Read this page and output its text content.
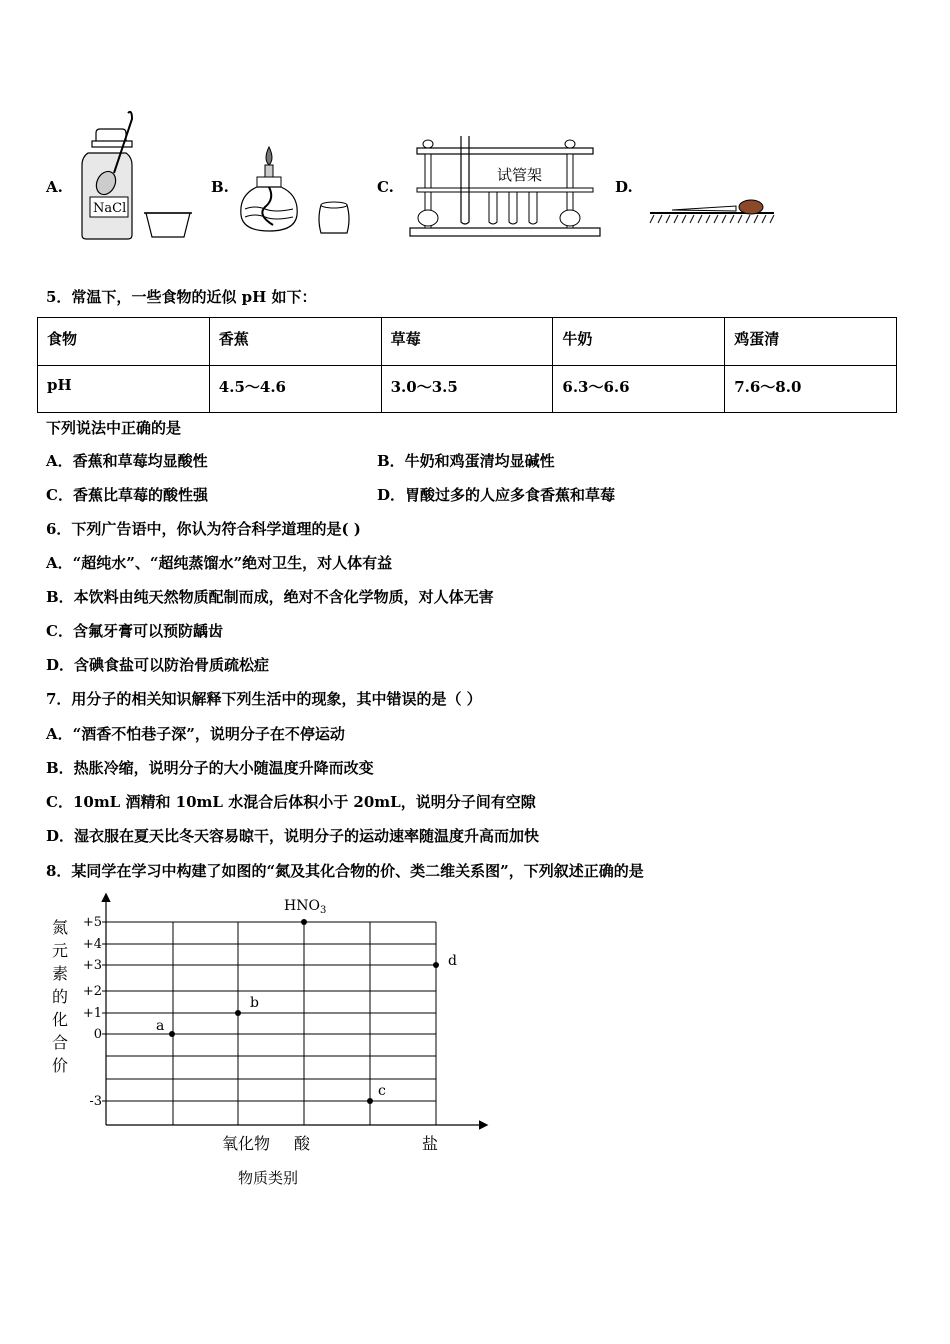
A.	B.	C.	D.
NaCl
试管架
5．常温下，一些食物的近似 pH 如下：
食物	香蕉	草莓	牛奶	鸡蛋清
pH	4.5～4.6	3.0～3.5	6.3～6.6	7.6～8.0
下列说法中正确的是
A．香蕉和草莓均显酸性	B．牛奶和鸡蛋清均显碱性
C．香蕉比草莓的酸性强	D．胃酸过多的人应多食香蕉和草莓
6．下列广告语中，你认为符合科学道理的是( )
A．“超纯水”、“超纯蒸馏水”绝对卫生，对人体有益
B．本饮料由纯天然物质配制而成，绝对不含化学物质，对人体无害
C．含氟牙膏可以预防龋齿
D．含碘食盐可以防治骨质疏松症
7．用分子的相关知识解释下列生活中的现象，其中错误的是（ ）
A．“酒香不怕巷子深”，说明分子在不停运动
B．热胀冷缩，说明分子的大小随温度升降而改变
C．10mL 酒精和 10mL 水混合后体积小于 20mL，说明分子间有空隙
D．湿衣服在夏天比冬天容易晾干，说明分子的运动速率随温度升高而加快
8．某同学在学习中构建了如图的“氮及其化合物的价、类二维关系图”，下列叙述正确的是
氮
元
素
的
化
合
价
+5
+4
+3
+2
+1
0
-3
氧化物 酸	盐
a
b
$HNO_3$
c
d
物质类别
